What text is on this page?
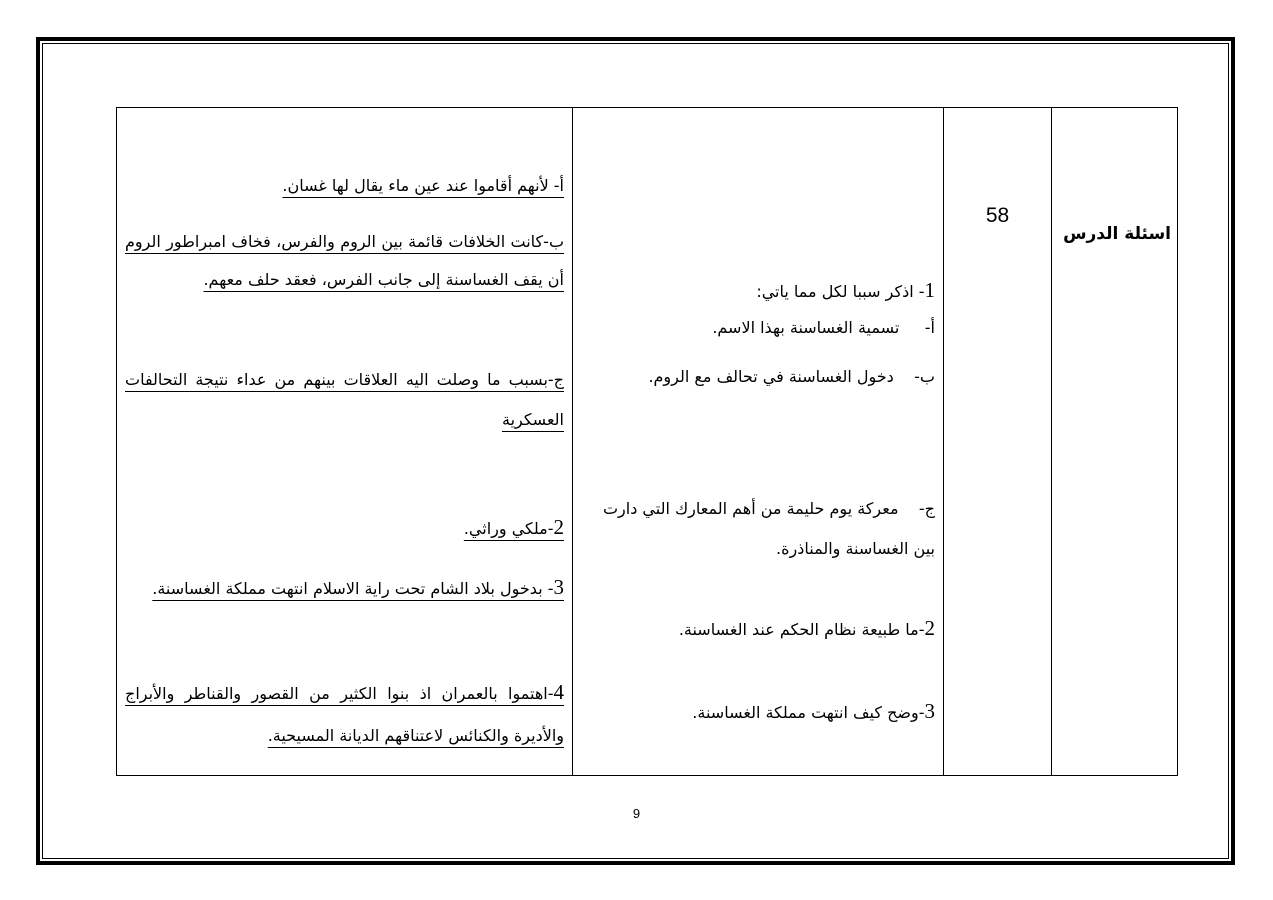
اسئلة الدرس

58

1- اذكر سببا لكل مما ياتي:
أ-     تسمية الغساسنة بهذا الاسم.
ب-    دخول الغساسنة في تحالف مع الروم.
ج-    معركة يوم حليمة من أهم المعارك التي دارت بين الغساسنة والمناذرة.
2-ما طبيعة نظام الحكم عند الغساسنة.
3-وضح كيف انتهت مملكة الغساسنة.

أ- لأنهم أقاموا عند عين ماء يقال لها غسان.
ب-كانت الخلافات قائمة بين الروم والفرس، فخاف امبراطور الروم أن يقف الغساسنة إلى جانب الفرس، فعقد حلف معهم.
ج-بسبب ما وصلت اليه العلاقات بينهم من عداء نتيجة التحالفات العسكرية
2-ملكي وراثي.
3- بدخول بلاد الشام تحت راية الاسلام انتهت مملكة الغساسنة.
4-اهتموا بالعمران اذ بنوا الكثير من القصور والقناطر والأبراج والأديرة والكنائس لاعتناقهم الديانة المسيحية.
9
